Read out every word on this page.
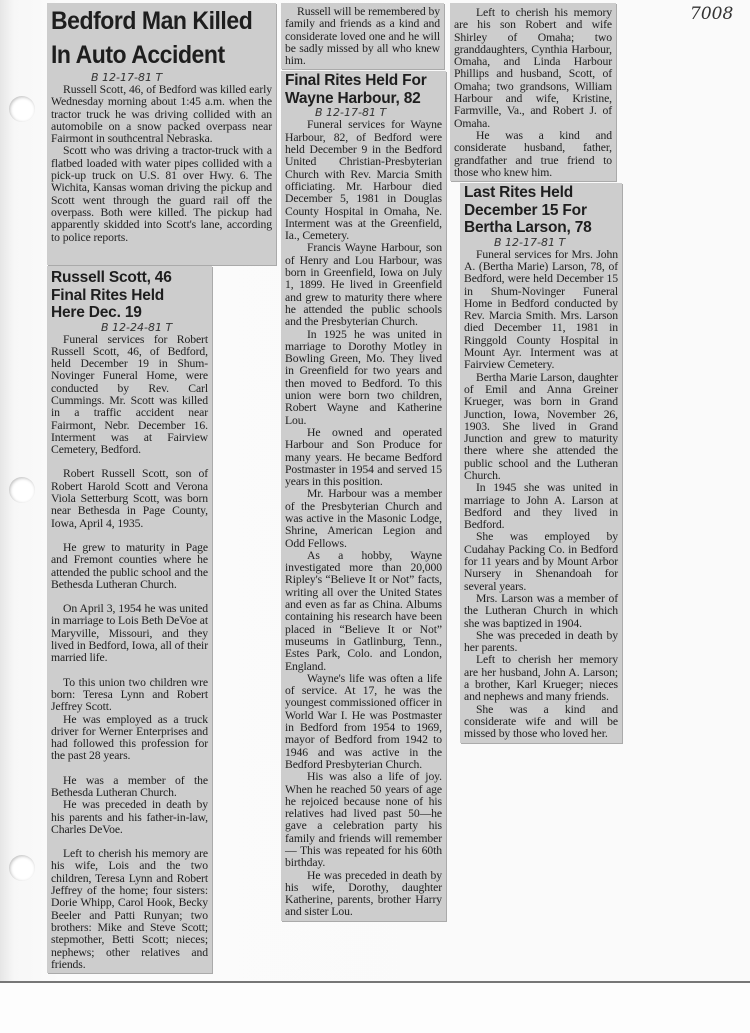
7008
Bedford Man Killed
In Auto Accident
B 12-17-81 T

Russell Scott, 46, of Bedford was killed early Wednesday morning about 1:45 a.m. when the tractor truck he was driving collided with an automobile on a snow packed overpass near Fairmont in southcentral Nebraska.

Scott who was driving a tractor-truck with a flatbed loaded with water pipes collided with a pick-up truck on U.S. 81 over Hwy. 6. The Wichita, Kansas woman driving the pickup and Scott went through the guard rail off the overpass. Both were killed. The pickup had apparently skidded into Scott's lane, according to police reports.

Russell Scott, 46
Final Rites Held
Here Dec. 19
B 12-24-81 T

Funeral services for Robert Russell Scott, 46, of Bedford, held December 19 in Shum-Novinger Funeral Home, were conducted by Rev. Carl Cummings. Mr. Scott was killed in a traffic accident near Fairmont, Nebr. December 16. Interment was at Fairview Cemetery, Bedford.

Robert Russell Scott, son of Robert Harold Scott and Verona Viola Setterburg Scott, was born near Bethesda in Page County, Iowa, April 4, 1935.

He grew to maturity in Page and Fremont counties where he attended the public school and the Bethesda Lutheran Church.

On April 3, 1954 he was united in marriage to Lois Beth DeVoe at Maryville, Missouri, and they lived in Bedford, Iowa, all of their married life.

To this union two children wre born: Teresa Lynn and Robert Jeffrey Scott.

He was employed as a truck driver for Werner Enterprises and had followed this profession for the past 28 years.

He was a member of the Bethesda Lutheran Church.

He was preceded in death by his parents and his father-in-law, Charles DeVoe.

Left to cherish his memory are his wife, Lois and the two children, Teresa Lynn and Robert Jeffrey of the home; four sisters: Dorie Whipp, Carol Hook, Becky Beeler and Patti Runyan; two brothers: Mike and Steve Scott; stepmother, Betti Scott; nieces; nephews; other relatives and friends.

Russell will be remembered by family and friends as a kind and considerate loved one and he will be sadly missed by all who knew him.

Final Rites Held For
Wayne Harbour, 82
B 12-17-81 T

Funeral services for Wayne Harbour, 82, of Bedford were held December 9 in the Bedford United Christian-Presbyterian Church with Rev. Marcia Smith officiating. Mr. Harbour died December 5, 1981 in Douglas County Hospital in Omaha, Ne. Interment was at the Greenfield, Ia., Cemetery.

Francis Wayne Harbour, son of Henry and Lou Harbour, was born in Greenfield, Iowa on July 1, 1899. He lived in Greenfield and grew to maturity there where he attended the public schools and the Presbyterian Church.

In 1925 he was united in marriage to Dorothy Motley in Bowling Green, Mo. They lived in Greenfield for two years and then moved to Bedford. To this union were born two children, Robert Wayne and Katherine Lou.

He owned and operated Harbour and Son Produce for many years. He became Bedford Postmaster in 1954 and served 15 years in this position.

Mr. Harbour was a member of the Presbyterian Church and was active in the Masonic Lodge, Shrine, American Legion and Odd Fellows.

As a hobby, Wayne investigated more than 20,000 Ripley's “Believe It or Not” facts, writing all over the United States and even as far as China. Albums containing his research have been placed in “Believe It or Not” museums in Gatlinburg, Tenn., Estes Park, Colo. and London, England.

Wayne's life was often a life of service. At 17, he was the youngest commissioned officer in World War I. He was Postmaster in Bedford from 1954 to 1969, mayor of Bedford from 1942 to 1946 and was active in the Bedford Presbyterian Church.

His was also a life of joy. When he reached 50 years of age he rejoiced because none of his relatives had lived past 50—he gave a celebration party his family and friends will remember— This was repeated for his 60th birthday.

He was preceded in death by his wife, Dorothy, daughter Katherine, parents, brother Harry and sister Lou.

Left to cherish his memory are his son Robert and wife Shirley of Omaha; two granddaughters, Cynthia Harbour, Omaha, and Linda Harbour Phillips and husband, Scott, of Omaha; two grandsons, William Harbour and wife, Kristine, Farmville, Va., and Robert J. of Omaha.

He was a kind and considerate husband, father, grandfather and true friend to those who knew him.

Last Rites Held
December 15 For
Bertha Larson, 78
B 12-17-81 T

Funeral services for Mrs. John A. (Bertha Marie) Larson, 78, of Bedford, were held December 15 in Shum-Novinger Funeral Home in Bedford conducted by Rev. Marcia Smith. Mrs. Larson died December 11, 1981 in Ringgold County Hospital in Mount Ayr. Interment was at Fairview Cemetery.

Bertha Marie Larson, daughter of Emil and Anna Greiner Krueger, was born in Grand Junction, Iowa, November 26, 1903. She lived in Grand Junction and grew to maturity there where she attended the public school and the Lutheran Church.

In 1945 she was united in marriage to John A. Larson at Bedford and they lived in Bedford.

She was employed by Cudahay Packing Co. in Bedford for 11 years and by Mount Arbor Nursery in Shenandoah for several years.

Mrs. Larson was a member of the Lutheran Church in which she was baptized in 1904.

She was preceded in death by her parents.

Left to cherish her memory are her husband, John A. Larson; a brother, Karl Krueger; nieces and nephews and many friends.

She was a kind and considerate wife and will be missed by those who loved her.
